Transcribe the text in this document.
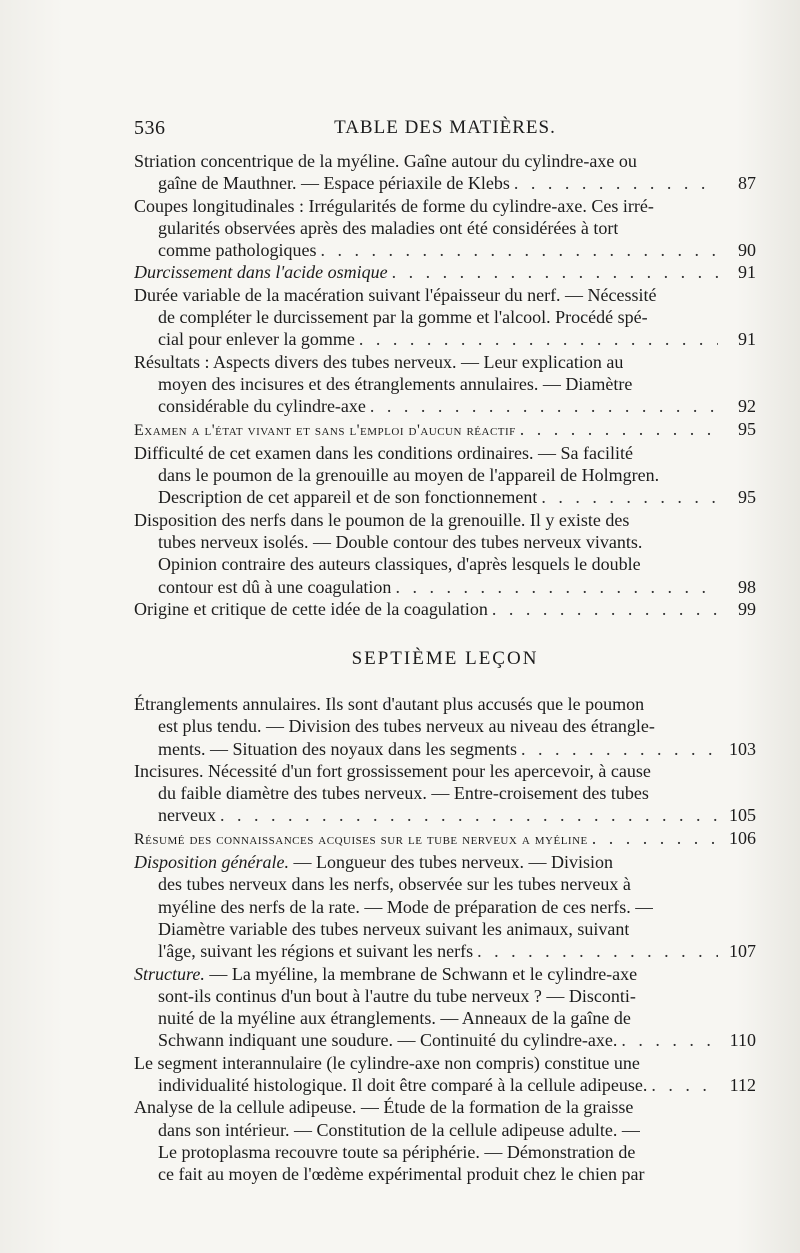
536	TABLE DES MATIÈRES.
Striation concentrique de la myéline. Gaîne autour du cylindre-axe ou
gaîne de Mauthner. — Espace périaxile de Klebs . . .	87
Coupes longitudinales : Irrégularités de forme du cylindre-axe. Ces irré-
gularités observées après des maladies ont été considérées à tort
comme pathologiques . . .	90
Durcissement dans l'acide osmique . . .	91
Durée variable de la macération suivant l'épaisseur du nerf. — Nécessité
de compléter le durcissement par la gomme et l'alcool. Procédé spé-
cial pour enlever la gomme . . .	91
Résultats : Aspects divers des tubes nerveux. — Leur explication au
moyen des incisures et des étranglements annulaires. — Diamètre
considérable du cylindre-axe . . .	92
Examen a l'état vivant et sans l'emploi d'aucun réactif . . .	95
Difficulté de cet examen dans les conditions ordinaires. — Sa facilité
dans le poumon de la grenouille au moyen de l'appareil de Holmgren.
Description de cet appareil et de son fonctionnement . . .	95
Disposition des nerfs dans le poumon de la grenouille. Il y existe des
tubes nerveux isolés. — Double contour des tubes nerveux vivants.
Opinion contraire des auteurs classiques, d'après lesquels le double
contour est dû à une coagulation . . .	98
Origine et critique de cette idée de la coagulation . . .	99
SEPTIÈME LEÇON
Étranglements annulaires. Ils sont d'autant plus accusés que le poumon
est plus tendu. — Division des tubes nerveux au niveau des étrangle-
ments. — Situation des noyaux dans les segments . . .	103
Incisures. Nécessité d'un fort grossissement pour les apercevoir, à cause
du faible diamètre des tubes nerveux. — Entre-croisement des tubes
nerveux . . .	105
Résumé des connaissances acquises sur le tube nerveux a myéline . . .	106
Disposition générale. — Longueur des tubes nerveux. — Division
des tubes nerveux dans les nerfs, observée sur les tubes nerveux à
myéline des nerfs de la rate. — Mode de préparation de ces nerfs. —
Diamètre variable des tubes nerveux suivant les animaux, suivant
l'âge, suivant les régions et suivant les nerfs . . .	107
Structure. — La myéline, la membrane de Schwann et le cylindre-axe
sont-ils continus d'un bout à l'autre du tube nerveux ? — Disconti-
nuité de la myéline aux étranglements. — Anneaux de la gaîne de
Schwann indiquant une soudure. — Continuité du cylindre-axe. . . .	110
Le segment interannulaire (le cylindre-axe non compris) constitue une
individualité histologique. Il doit être comparé à la cellule adipeuse. . . .	112
Analyse de la cellule adipeuse. — Étude de la formation de la graisse
dans son intérieur. — Constitution de la cellule adipeuse adulte. —
Le protoplasma recouvre toute sa périphérie. — Démonstration de
ce fait au moyen de l'œdème expérimental produit chez le chien par
